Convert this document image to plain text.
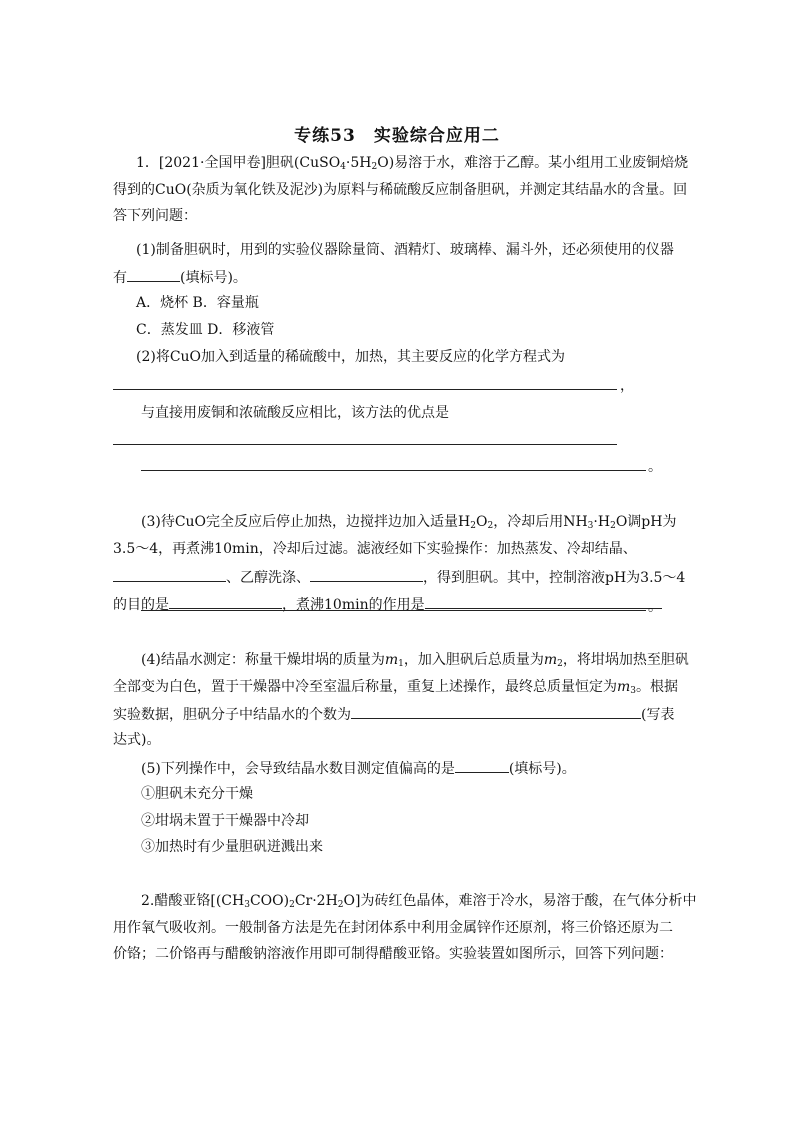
专练53　实验综合应用二
1．[2021·全国甲卷]胆矾$(CuSO_4\cdot 5H_2O)$易溶于水，难溶于乙醇。某小组用工业废铜焙烧
得到的CuO(杂质为氧化铁及泥沙)为原料与稀硫酸反应制备胆矾，并测定其结晶水的含量。回
答下列问题：
(1)制备胆矾时，用到的实验仪器除量筒、酒精灯、玻璃棒、漏斗外，还必须使用的仪器
有	(填标号)。
A．烧杯 B．容量瓶
C．蒸发皿 D．移液管
(2)将CuO加入到适量的稀硫酸中，加热，其主要反应的化学方程式为
，
与直接用废铜和浓硫酸反应相比，该方法的优点是
。
(3)待CuO完全反应后停止加热，边搅拌边加入适量$H_2O_2$，冷却后用$NH_3\cdot H_2O$调pH为
3.5～4，再煮沸10min，冷却后过滤。滤液经如下实验操作：加热蒸发、冷却结晶、
、乙醇洗涤、	，得到胆矾。其中，控制溶液pH为3.5～4
的目的是	，煮沸10min的作用是	。
(4)结晶水测定：称量干燥坩埚的质量为$m_1$，加入胆矾后总质量为$m_2$，将坩埚加热至胆矾
全部变为白色，置于干燥器中冷至室温后称量，重复上述操作，最终总质量恒定为$m_3$。根据
实验数据，胆矾分子中结晶水的个数为	(写表
达式)。
(5)下列操作中，会导致结晶水数目测定值偏高的是	(填标号)。
①胆矾未充分干燥
②坩埚未置于干燥器中冷却
③加热时有少量胆矾迸溅出来
2.醋酸亚铬$[(CH_3COO)_2Cr\cdot 2H_2O]$为砖红色晶体，难溶于冷水，易溶于酸，在气体分析中
用作氧气吸收剂。一般制备方法是先在封闭体系中利用金属锌作还原剂，将三价铬还原为二
价铬；二价铬再与醋酸钠溶液作用即可制得醋酸亚铬。实验装置如图所示，回答下列问题：
